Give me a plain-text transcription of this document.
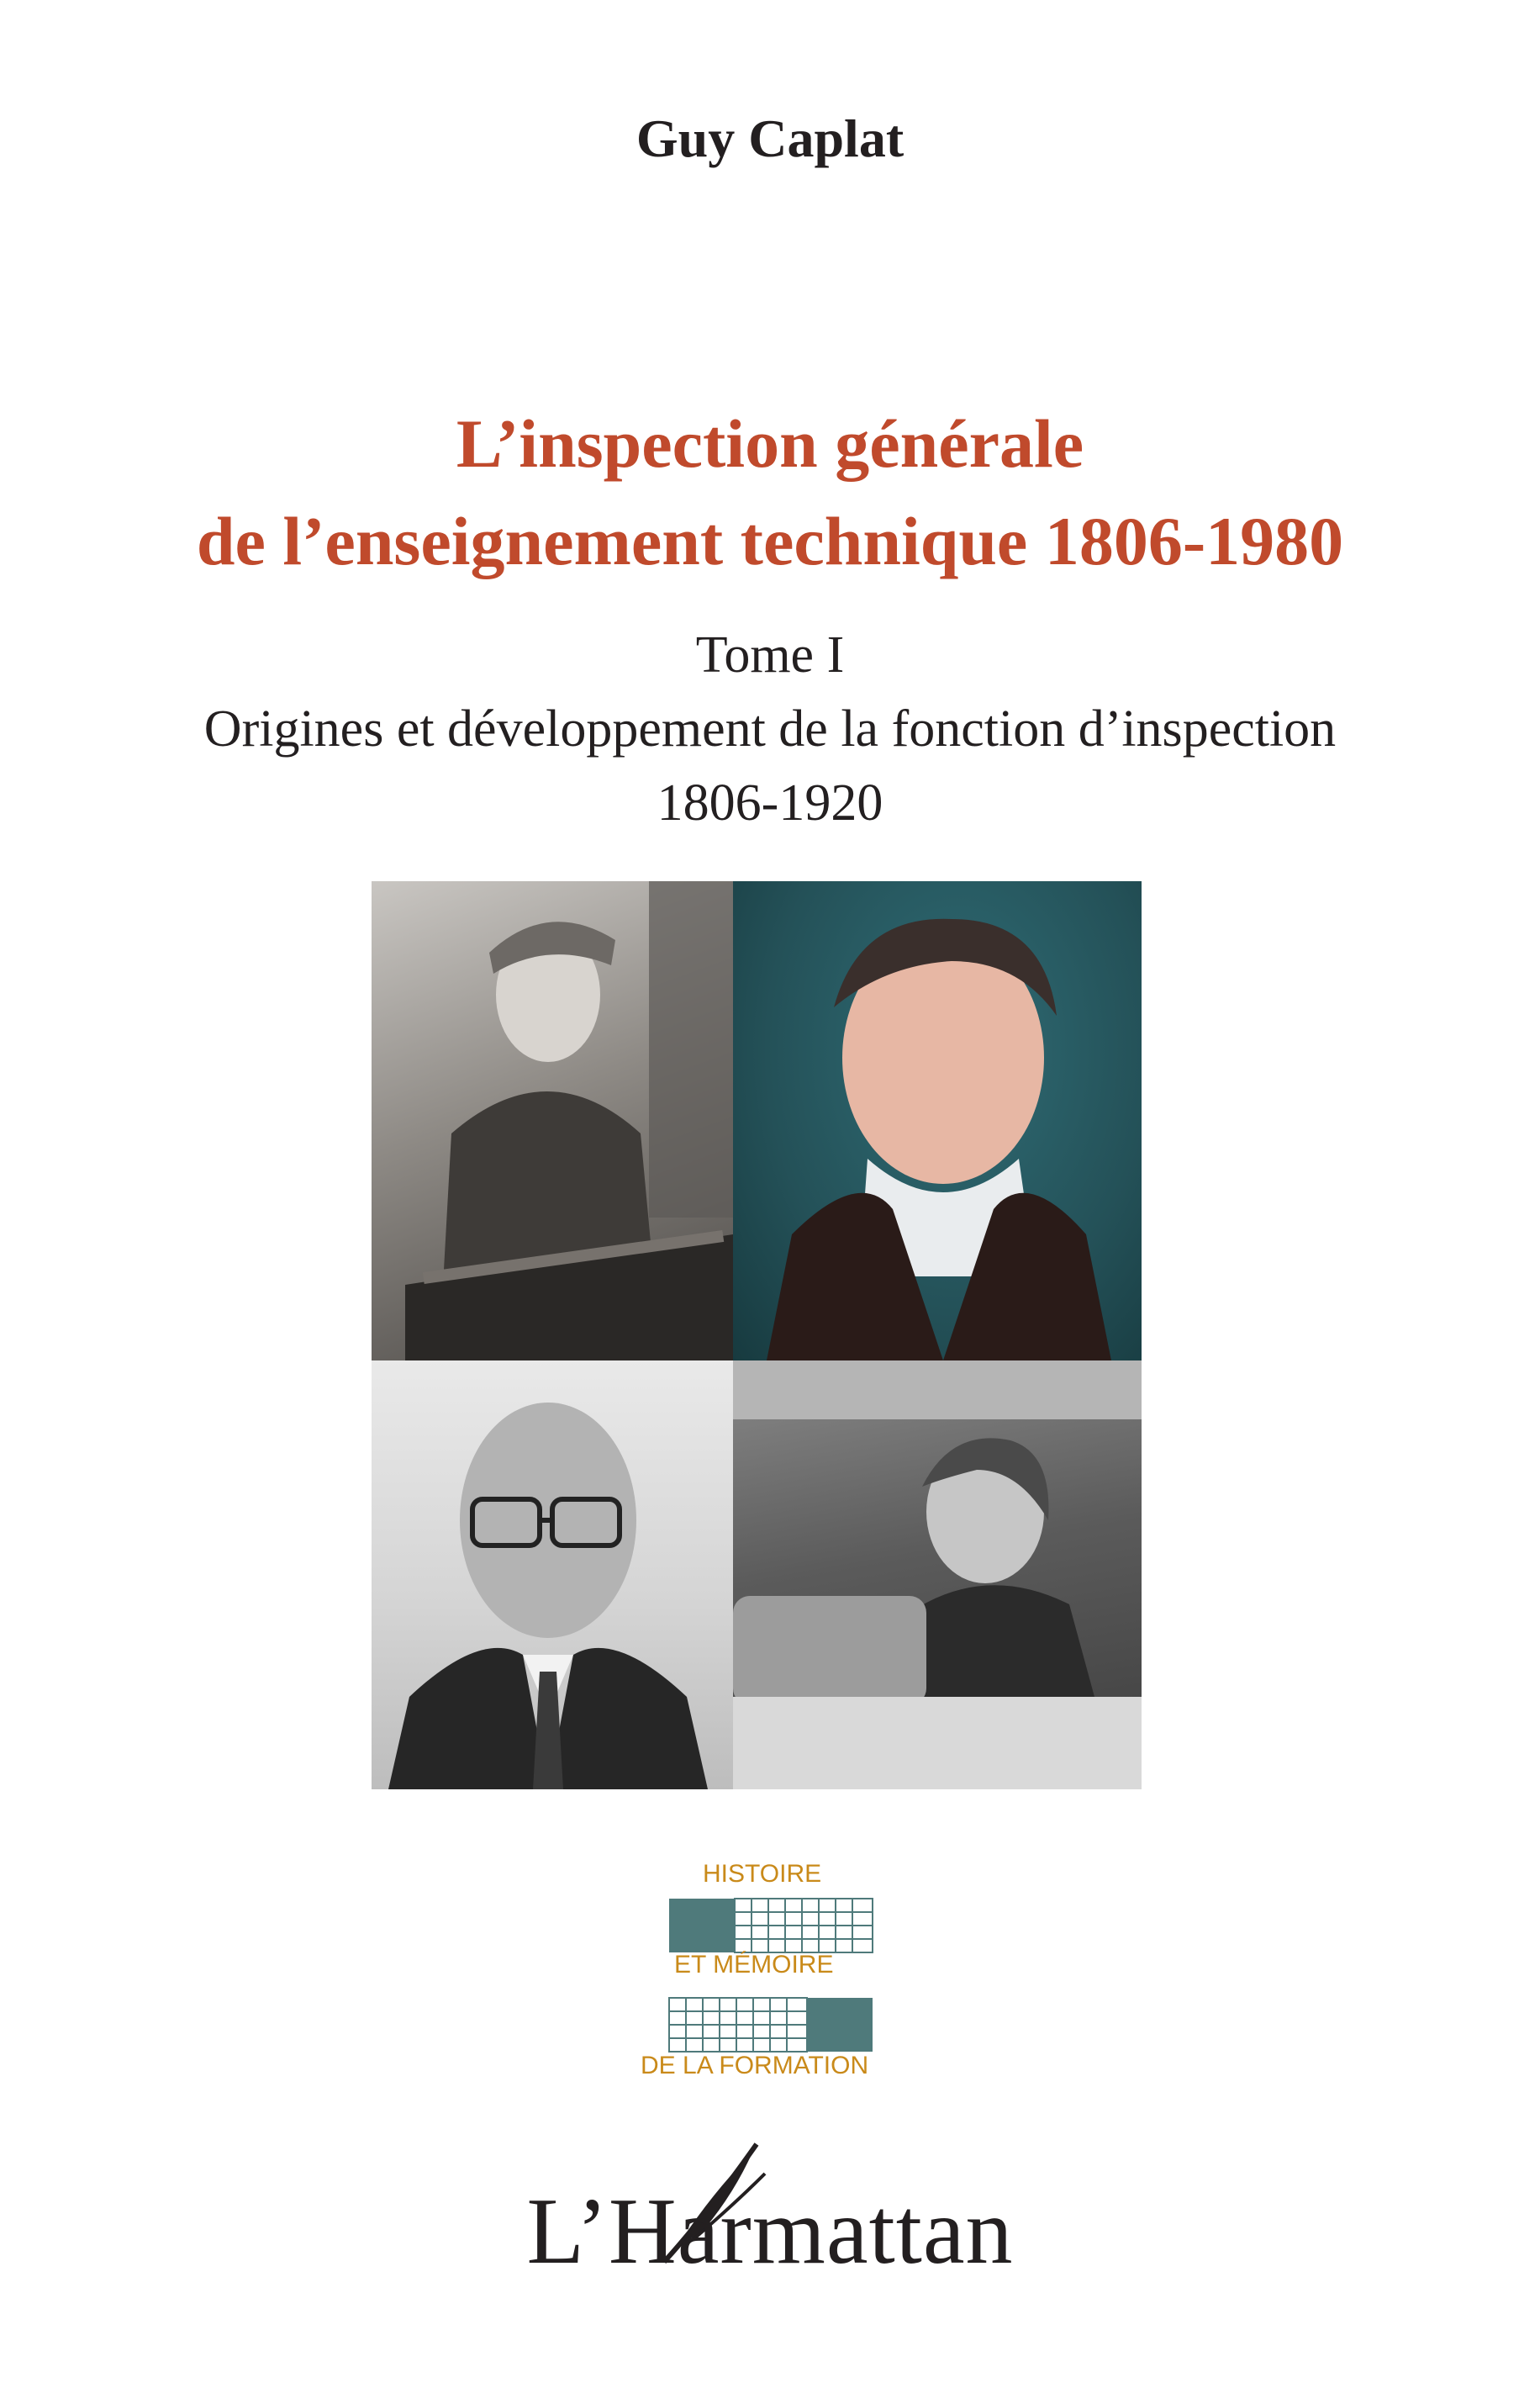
Guy Caplat
L’inspection générale
de l’enseignement technique 1806-1980
Tome I
Origines et développement de la fonction d’inspection
1806-1920
HISTOIRE
ET MÉMOIRE
DE LA FORMATION
L’Harmattan
